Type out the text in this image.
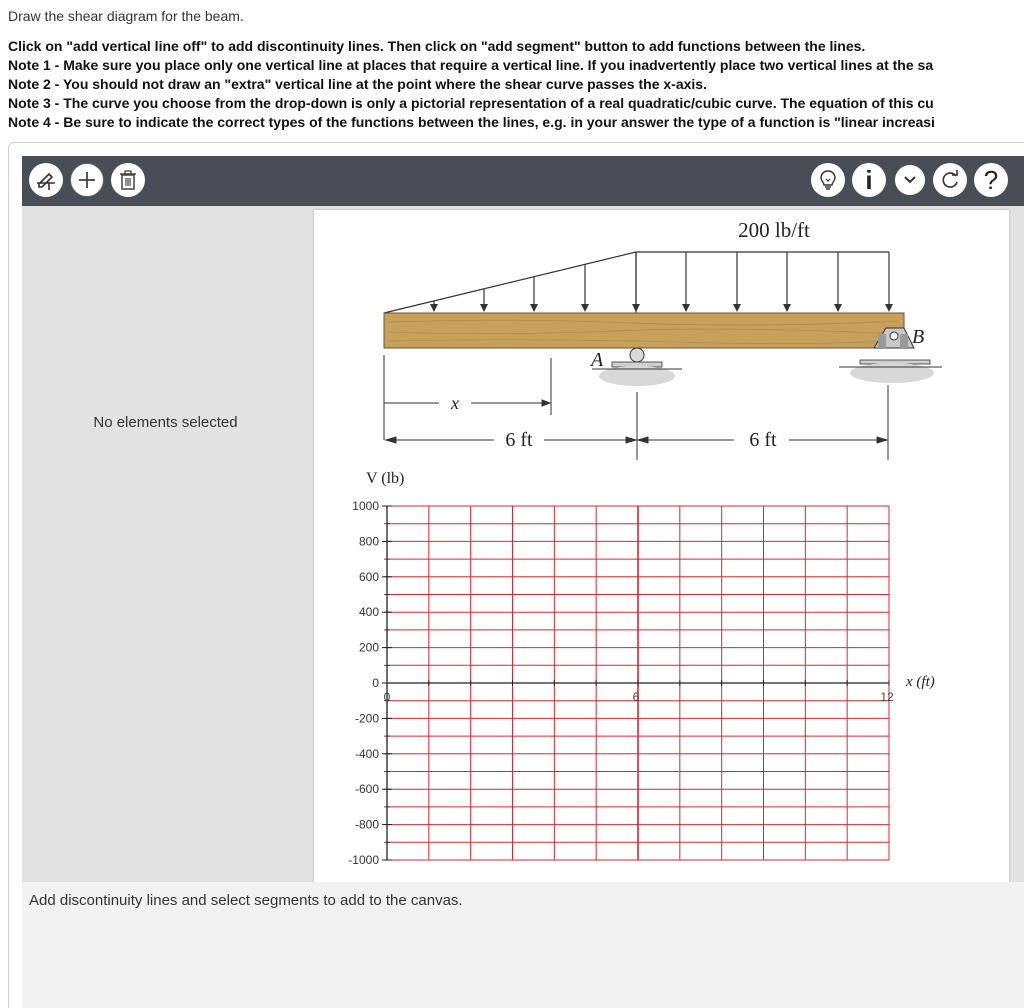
Draw the shear diagram for the beam.
Click on "add vertical line off" to add discontinuity lines. Then click on "add segment" button to add functions between the lines.
Note 1 - Make sure you place only one vertical line at places that require a vertical line. If you inadvertently place two vertical lines at the sa
Note 2 - You should not draw an "extra" vertical line at the point where the shear curve passes the x-axis.
Note 3 - The curve you choose from the drop-down is only a pictorial representation of a real quadratic/cubic curve. The equation of this cu
Note 4 - Be sure to indicate the correct types of the functions between the lines, e.g. in your answer the type of a function is "linear increasi
i	?
No elements selected
200 lb/ft
A
B
x
6 ft	6 ft
V (lb)
1000
800
600
400
200
0
-200
-400
-600
-800
-1000
0	6	12
x (ft)
Add discontinuity lines and select segments to add to the canvas.
